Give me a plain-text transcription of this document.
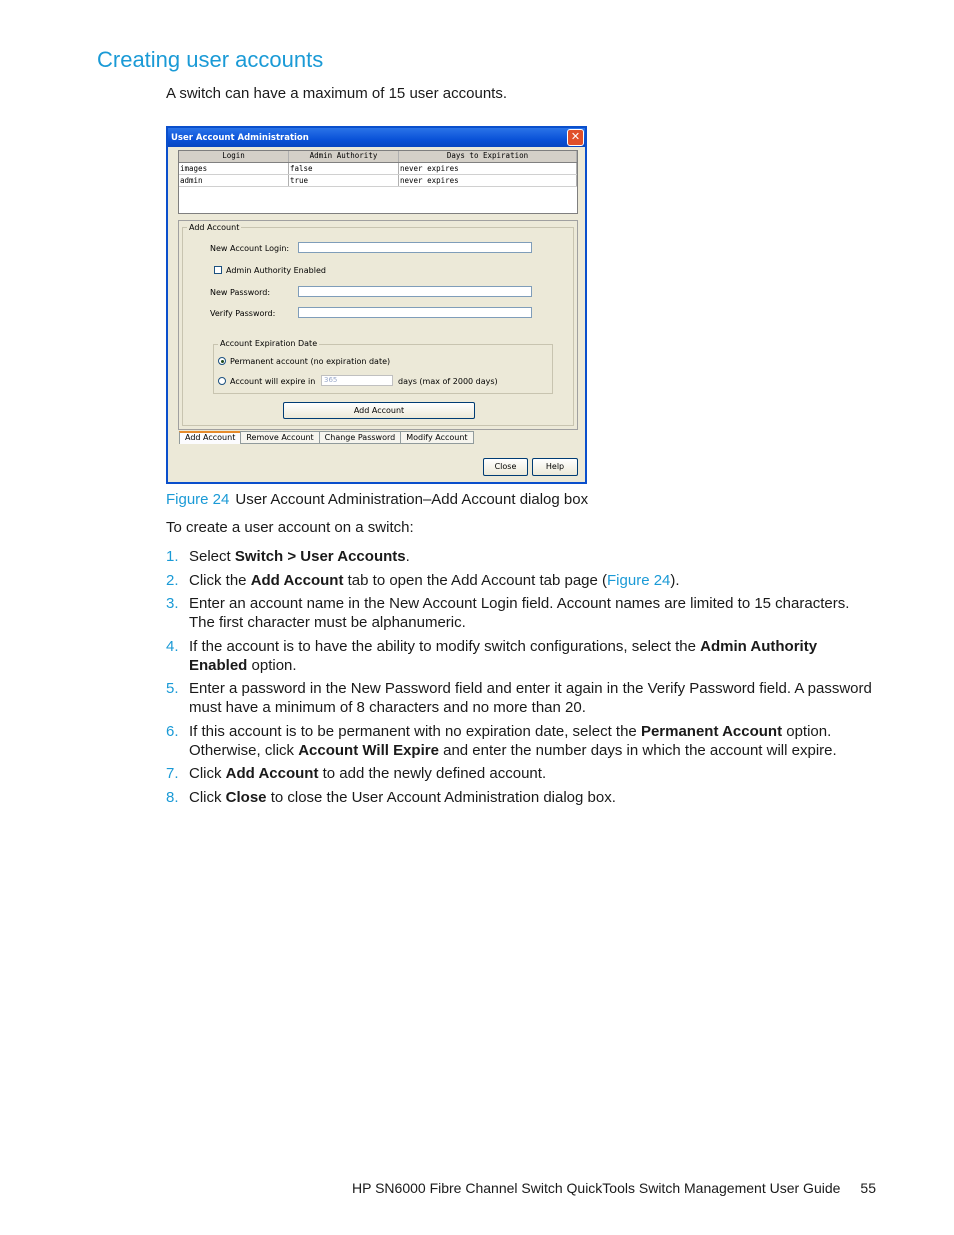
Creating user accounts
A switch can have a maximum of 15 user accounts.
User Account Administration	✕
Login	Admin Authority	Days to Expiration
images	false	never expires
admin	true	never expires
Add Account
New Account Login:
Admin Authority Enabled
New Password:
Verify Password:
Account Expiration Date
Permanent account (no expiration date)
Account will expire in	365	days (max of 2000 days)
Add Account
Add Account	Remove Account	Change Password	Modify Account
Close	Help
Figure 24 User Account Administration–Add Account dialog box
To create a user account on a switch:
1. Select Switch > User Accounts.
2. Click the Add Account tab to open the Add Account tab page (Figure 24).
3. Enter an account name in the New Account Login field. Account names are limited to 15 characters. The first character must be alphanumeric.
4. If the account is to have the ability to modify switch configurations, select the Admin Authority Enabled option.
5. Enter a password in the New Password field and enter it again in the Verify Password field. A password must have a minimum of 8 characters and no more than 20.
6. If this account is to be permanent with no expiration date, select the Permanent Account option. Otherwise, click Account Will Expire and enter the number days in which the account will expire.
7. Click Add Account to add the newly defined account.
8. Click Close to close the User Account Administration dialog box.
HP SN6000 Fibre Channel Switch QuickTools Switch Management User Guide 55
